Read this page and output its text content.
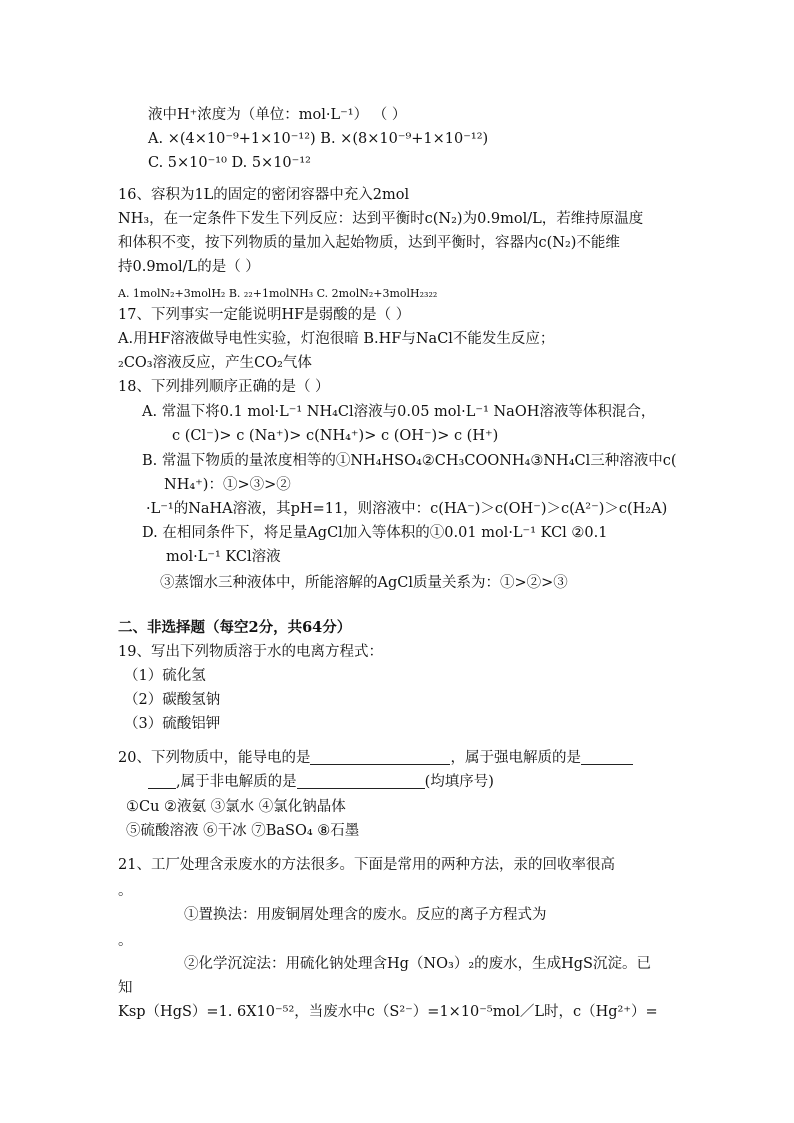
液中H⁺浓度为（单位：mol·L⁻¹） （ ）
A. ×(4×10⁻⁹+1×10⁻¹²) B. ×(8×10⁻⁹+1×10⁻¹²)
C. 5×10⁻¹⁰ D. 5×10⁻¹²
16、容积为1L的固定的密闭容器中充入2mol
NH₃，在一定条件下发生下列反应：达到平衡时c(N₂)为0.9mol/L，若维持原温度
和体积不变，按下列物质的量加入起始物质，达到平衡时，容器内c(N₂)不能维
持0.9mol/L的是（ ）
A. 1molN₂+3molH₂ B. ₂₂+1molNH₃ C. 2molN₂+3molH₂₃₂₂
17、下列事实一定能说明HF是弱酸的是（ ）
A.用HF溶液做导电性实验，灯泡很暗 B.HF与NaCl不能发生反应；
₂CO₃溶液反应，产生CO₂气体
18、下列排列顺序正确的是（ ）
A. 常温下将0.1 mol·L⁻¹ NH₄Cl溶液与0.05 mol·L⁻¹ NaOH溶液等体积混合，
c (Cl⁻)> c (Na⁺)> c(NH₄⁺)> c (OH⁻)> c (H⁺)
B. 常温下物质的量浓度相等的①NH₄HSO₄②CH₃COONH₄③NH₄Cl三种溶液中c(
NH₄⁺)：①>③>②
·L⁻¹的NaHA溶液，其pH=11，则溶液中：c(HA⁻)＞c(OH⁻)＞c(A²⁻)＞c(H₂A)
D. 在相同条件下，将足量AgCl加入等体积的①0.01 mol·L⁻¹ KCl ②0.1
mol·L⁻¹ KCl溶液
③蒸馏水三种液体中，所能溶解的AgCl质量关系为：①>②>③
二、非选择题（每空2分，共64分）
19、写出下列物质溶于水的电离方程式：
（1）硫化氢
（2）碳酸氢钠
（3）硫酸铝钾
20、下列物质中，能导电的是	，属于强电解质的是
,属于非电解质的是	(均填序号)
①Cu ②液氨 ③氯水 ④氯化钠晶体
⑤硫酸溶液 ⑥干冰 ⑦BaSO₄ ⑧石墨
21、工厂处理含汞废水的方法很多。下面是常用的两种方法，汞的回收率很高
。
①置换法：用废铜屑处理含的废水。反应的离子方程式为
。
②化学沉淀法：用硫化钠处理含Hg（NO₃）₂的废水，生成HgS沉淀。已
知
Ksp（HgS）=1. 6X10⁻⁵²，当废水中c（S²⁻）=1×10⁻⁵mol／L时，c（Hg²⁺）=
